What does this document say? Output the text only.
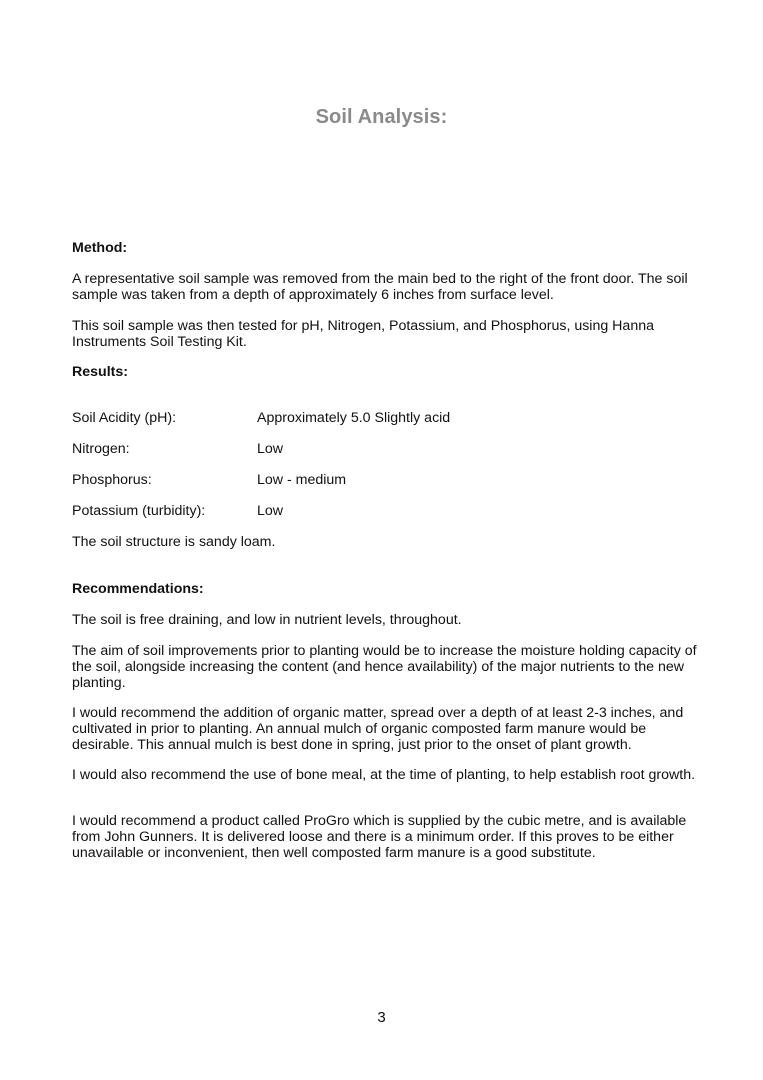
Soil Analysis:
Method:

A representative soil sample was removed from the main bed to the right of the front door. The soil sample was taken from a depth of approximately 6 inches from surface level.

This soil sample was then tested for pH, Nitrogen, Potassium, and Phosphorus, using Hanna Instruments Soil Testing Kit.

Results:
Soil Acidity (pH):	Approximately 5.0 Slightly acid
Nitrogen:	Low
Phosphorus:	Low - medium
Potassium (turbidity):	Low
The soil structure is sandy loam.
Recommendations:

The soil is free draining, and low in nutrient levels, throughout.

The aim of soil improvements prior to planting would be to increase the moisture holding capacity of the soil, alongside increasing the content (and hence availability) of the major nutrients to the new planting.

I would recommend the addition of organic matter, spread over a depth of at least 2-3 inches, and cultivated in prior to planting. An annual mulch of organic composted farm manure would be desirable. This annual mulch is best done in spring, just prior to the onset of plant growth.

I would also recommend the use of bone meal, at the time of planting, to help establish root growth.

I would recommend a product called ProGro which is supplied by the cubic metre, and is available from John Gunners. It is delivered loose and there is a minimum order. If this proves to be either unavailable or inconvenient, then well composted farm manure is a good substitute.

3
